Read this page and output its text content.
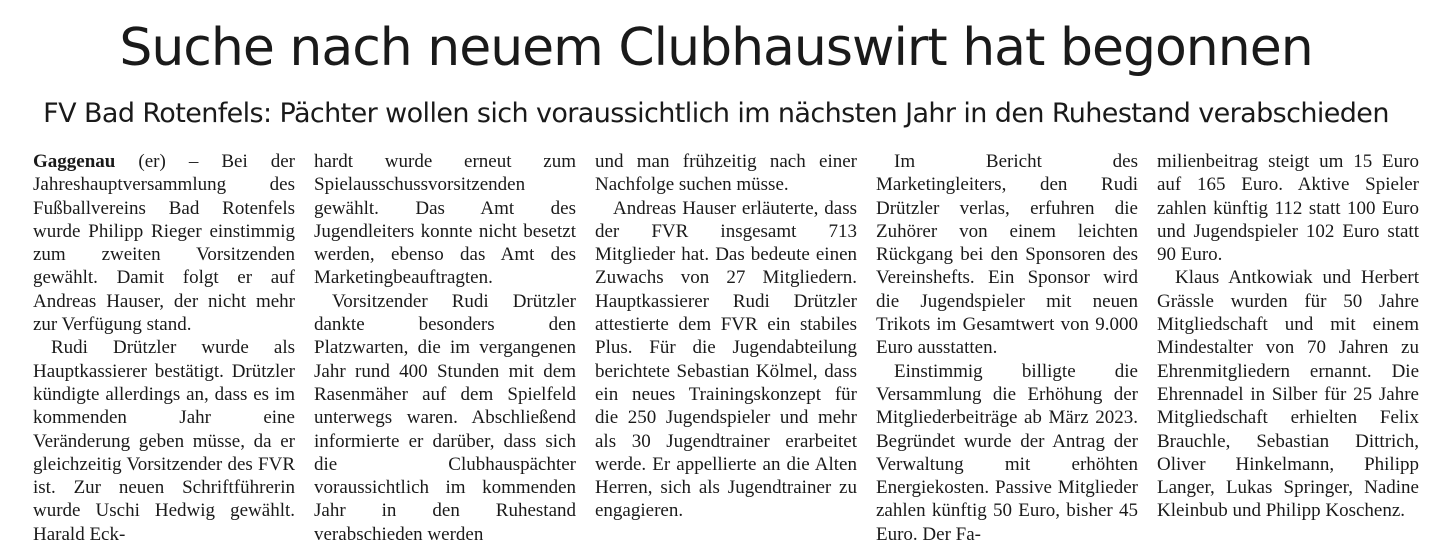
Suche nach neuem Clubhauswirt hat begonnen
FV Bad Rotenfels: Pächter wollen sich voraussichtlich im nächsten Jahr in den Ruhestand verabschieden

Gaggenau (er) – Bei der Jahreshauptversammlung des Fußballvereins Bad Rotenfels wurde Philipp Rieger einstimmig zum zweiten Vorsitzenden gewählt. Damit folgt er auf Andreas Hauser, der nicht mehr zur Verfügung stand.

Rudi Drützler wurde als Hauptkassierer bestätigt. Drützler kündigte allerdings an, dass es im kommenden Jahr eine Veränderung geben müsse, da er gleichzeitig Vorsitzender des FVR ist. Zur neuen Schriftführerin wurde Uschi Hedwig gewählt. Harald Eck-

hardt wurde erneut zum Spielausschussvorsitzenden gewählt. Das Amt des Jugendleiters konnte nicht besetzt werden, ebenso das Amt des Marketingbeauftragten.

Vorsitzender Rudi Drützler dankte besonders den Platzwarten, die im vergangenen Jahr rund 400 Stunden mit dem Rasenmäher auf dem Spielfeld unterwegs waren. Abschließend informierte er darüber, dass sich die Clubhauspächter voraussichtlich im kommenden Jahr in den Ruhestand verabschieden werden

und man frühzeitig nach einer Nachfolge suchen müsse.

Andreas Hauser erläuterte, dass der FVR insgesamt 713 Mitglieder hat. Das bedeute einen Zuwachs von 27 Mitgliedern. Hauptkassierer Rudi Drützler attestierte dem FVR ein stabiles Plus. Für die Jugendabteilung berichtete Sebastian Kölmel, dass ein neues Trainingskonzept für die 250 Jugendspieler und mehr als 30 Jugendtrainer erarbeitet werde. Er appellierte an die Alten Herren, sich als Jugendtrainer zu engagieren.

Im Bericht des Marketingleiters, den Rudi Drützler verlas, erfuhren die Zuhörer von einem leichten Rückgang bei den Sponsoren des Vereinshefts. Ein Sponsor wird die Jugendspieler mit neuen Trikots im Gesamtwert von 9.000 Euro ausstatten.

Einstimmig billigte die Versammlung die Erhöhung der Mitgliederbeiträge ab März 2023. Begründet wurde der Antrag der Verwaltung mit erhöhten Energiekosten. Passive Mitglieder zahlen künftig 50 Euro, bisher 45 Euro. Der Fa-

milienbeitrag steigt um 15 Euro auf 165 Euro. Aktive Spieler zahlen künftig 112 statt 100 Euro und Jugendspieler 102 Euro statt 90 Euro.

Klaus Antkowiak und Herbert Grässle wurden für 50 Jahre Mitgliedschaft und mit einem Mindestalter von 70 Jahren zu Ehrenmitgliedern ernannt. Die Ehrennadel in Silber für 25 Jahre Mitgliedschaft erhielten Felix Brauchle, Sebastian Dittrich, Oliver Hinkelmann, Philipp Langer, Lukas Springer, Nadine Kleinbub und Philipp Koschenz.
